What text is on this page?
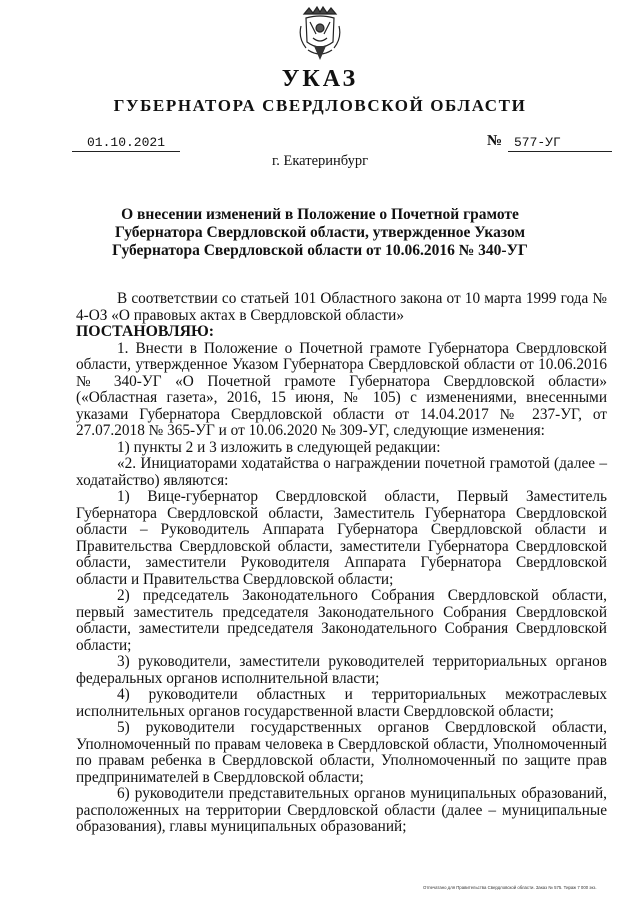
УКАЗ
ГУБЕРНАТОРА СВЕРДЛОВСКОЙ ОБЛАСТИ
01.10.2021	№ 577-УГ
г. Екатеринбург
О внесении изменений в Положение о Почетной грамоте Губернатора Свердловской области, утвержденное Указом Губернатора Свердловской области от 10.06.2016 № 340-УГ

В соответствии со статьей 101 Областного закона от 10 марта 1999 года № 4-ОЗ «О правовых актах в Свердловской области»

ПОСТАНОВЛЯЮ:

1. Внести в Положение о Почетной грамоте Губернатора Свердловской области, утвержденное Указом Губернатора Свердловской области от 10.06.2016 № 340-УГ «О Почетной грамоте Губернатора Свердловской области» («Областная газета», 2016, 15 июня, № 105) с изменениями, внесенными указами Губернатора Свердловской области от 14.04.2017 № 237-УГ, от 27.07.2018 № 365-УГ и от 10.06.2020 № 309-УГ, следующие изменения:

1) пункты 2 и 3 изложить в следующей редакции:

«2. Инициаторами ходатайства о награждении почетной грамотой (далее – ходатайство) являются:

1) Вице-губернатор Свердловской области, Первый Заместитель Губернатора Свердловской области, Заместитель Губернатора Свердловской области – Руководитель Аппарата Губернатора Свердловской области и Правительства Свердловской области, заместители Губернатора Свердловской области, заместители Руководителя Аппарата Губернатора Свердловской области и Правительства Свердловской области;

2) председатель Законодательного Собрания Свердловской области, первый заместитель председателя Законодательного Собрания Свердловской области, заместители председателя Законодательного Собрания Свердловской области;

3) руководители, заместители руководителей территориальных органов федеральных органов исполнительной власти;

4) руководители областных и территориальных межотраслевых исполнительных органов государственной власти Свердловской области;

5) руководители государственных органов Свердловской области, Уполномоченный по правам человека в Свердловской области, Уполномоченный по правам ребенка в Свердловской области, Уполномоченный по защите прав предпринимателей в Свердловской области;

6) руководители представительных органов муниципальных образований, расположенных на территории Свердловской области (далее – муниципальные образования), главы муниципальных образований;

Отпечатано для Правительства Свердловской области. Заказ № 575. Тираж 7 000 экз.
